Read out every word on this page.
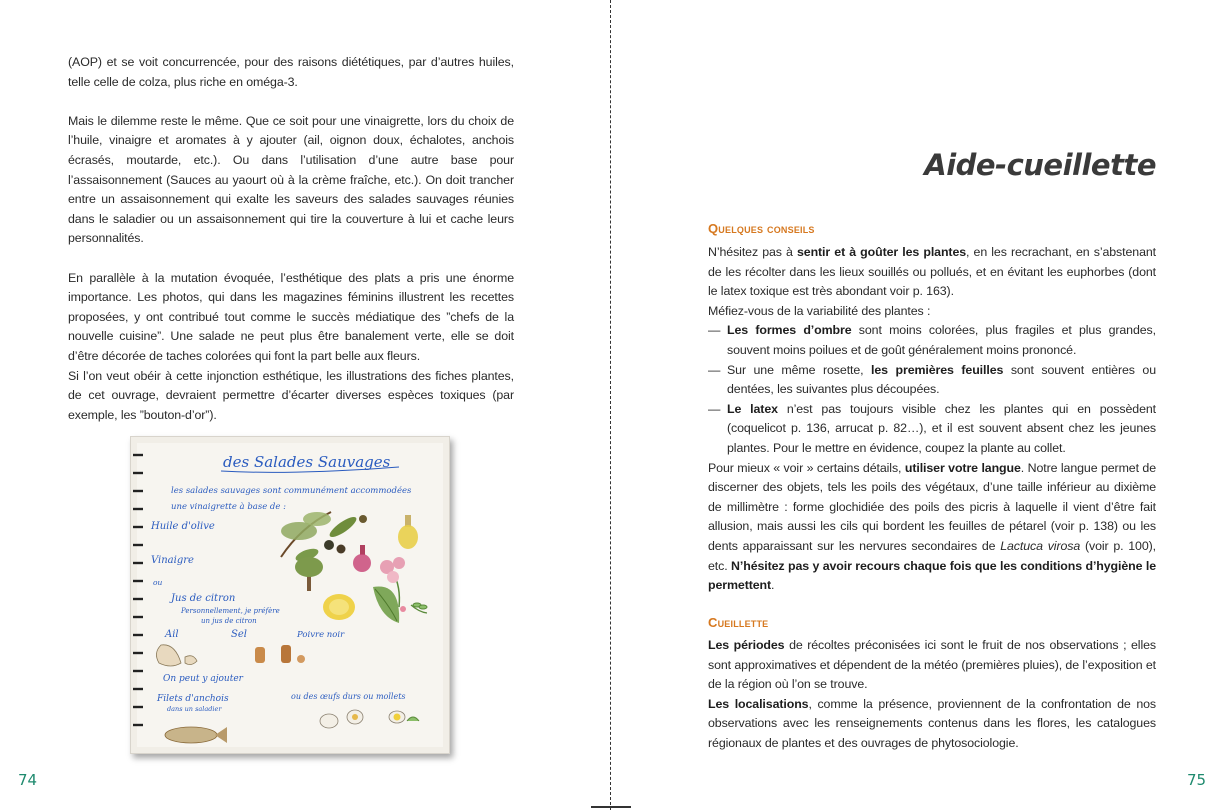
(AOP) et se voit concurrencée, pour des raisons diététiques, par d’autres huiles, telle celle de colza, plus riche en oméga-3.

Mais le dilemme reste le même. Que ce soit pour une vinaigrette, lors du choix de l’huile, vinaigre et aromates à y ajouter (ail, oignon doux, échalotes, anchois écrasés, moutarde, etc.). Ou dans l’utilisation d’une autre base pour l’assaisonnement (Sauces au yaourt où à la crème fraîche, etc.). On doit trancher entre un assaisonnement qui exalte les saveurs des salades sauvages réunies dans le saladier ou un assaisonnement qui tire la couverture à lui et cache leurs personnalités.

En parallèle à la mutation évoquée, l’esthétique des plats a pris une énorme importance. Les photos, qui dans les magazines féminins illustrent les recettes proposées, y ont contribué tout comme le succès médiatique des ”chefs de la nouvelle cuisine”. Une salade ne peut plus être banalement verte, elle se doit d’être décorée de taches colorées qui font la part belle aux fleurs.

Si l’on veut obéir à cette injonction esthétique, les illustrations des fiches plantes, de cet ouvrage, devraient permettre d’écarter diverses espèces toxiques (par exemple, les ”bouton-d’or”).

des Salades Sauvages
les salades sauvages sont communément accommodées
une vinaigrette à base de :
Huile d'olive
Vinaigre
ou
Jus de citron
Personnellement, je préfère
un jus de citron
Ail	Sel	Poivre noir
On peut y ajouter
Filets d'anchois
dans un saladier
ou des œufs durs ou mollets
74
Aide-cueillette
Quelques conseils

N’hésitez pas à sentir et à goûter les plantes, en les recrachant, en s’abstenant de les récolter dans les lieux souillés ou pollués, et en évitant les euphorbes (dont le latex toxique est très abondant voir p. 163).

Méfiez-vous de la variabilité des plantes :

— Les formes d’ombre sont moins colorées, plus fragiles et plus grandes, souvent moins poilues et de goût généralement moins prononcé.

— Sur une même rosette, les premières feuilles sont souvent entières ou dentées, les suivantes plus découpées.

— Le latex n’est pas toujours visible chez les plantes qui en possèdent (coquelicot p. 136, arrucat p. 82…), et il est souvent absent chez les jeunes plantes. Pour le mettre en évidence, coupez la plante au collet.

Pour mieux « voir » certains détails, utiliser votre langue. Notre langue permet de discerner des objets, tels les poils des végétaux, d’une taille inférieur au dixième de millimètre : forme glochidiée des poils des picris à laquelle il vient d’être fait allusion, mais aussi les cils qui bordent les feuilles de pétarel (voir p. 138) ou les dents apparaissant sur les nervures secondaires de Lactuca virosa (voir p. 100), etc. N’hésitez pas y avoir recours chaque fois que les conditions d’hygiène le permettent.

Cueillette

Les périodes de récoltes préconisées ici sont le fruit de nos observations ; elles sont approximatives et dépendent de la météo (premières pluies), de l’exposition et de la région où l’on se trouve.

Les localisations, comme la présence, proviennent de la confrontation de nos observations avec les renseignements contenus dans les flores, les catalogues régionaux de plantes et des ouvrages de phytosociologie.

75
